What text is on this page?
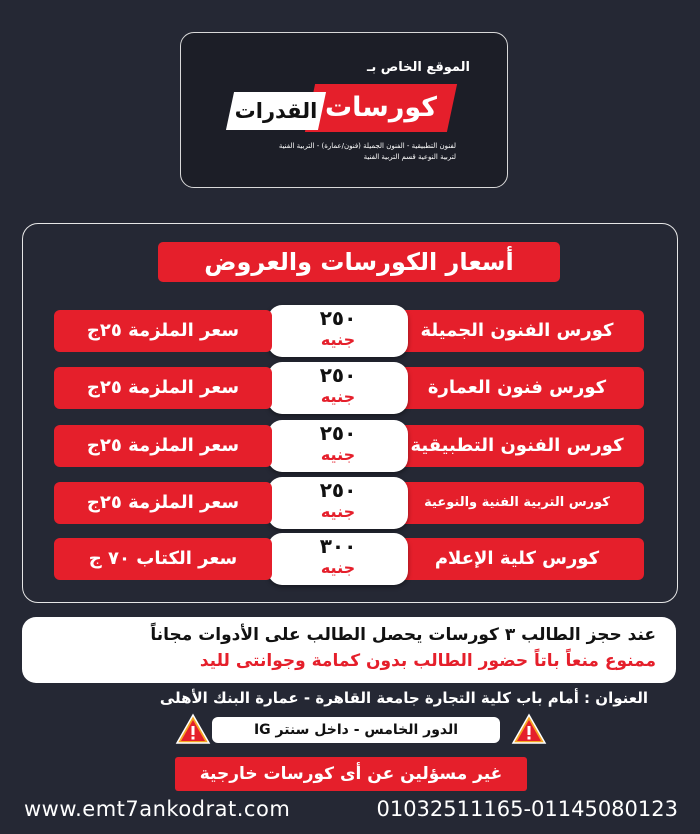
الموقع الخاص بـ
كورسات
القدرات
لفنون التطبيقية - الفنون الجميلة (فنون/عمارة) - التربية الفنية
لتربية النوعية قسم التربية الفنية
أسعار الكورسات والعروض
كورس الفنون الجميلة
٢٥٠
جنيه
سعر الملزمة ٢٥ج
كورس فنون العمارة
٢٥٠
جنيه
سعر الملزمة ٢٥ج
كورس الفنون التطبيقية
٢٥٠
جنيه
سعر الملزمة ٢٥ج
كورس التربية الفنية والنوعية
٢٥٠
جنيه
سعر الملزمة ٢٥ج
كورس كلية الإعلام
٣٠٠
جنيه
سعر الكتاب ٧٠ ج
عند حجز الطالب ٣ كورسات يحصل الطالب على الأدوات مجاناً
ممنوع منعاً باتاً حضور الطالب بدون كمامة وجوانتى لليد
العنوان : أمام باب كلية التجارة جامعة القاهرة - عمارة البنك الأهلى
الدور الخامس - داخل سنتر IG
غير مسؤلين عن أى كورسات خارجية
www.emt7ankodrat.com	01032511165-01145080123
